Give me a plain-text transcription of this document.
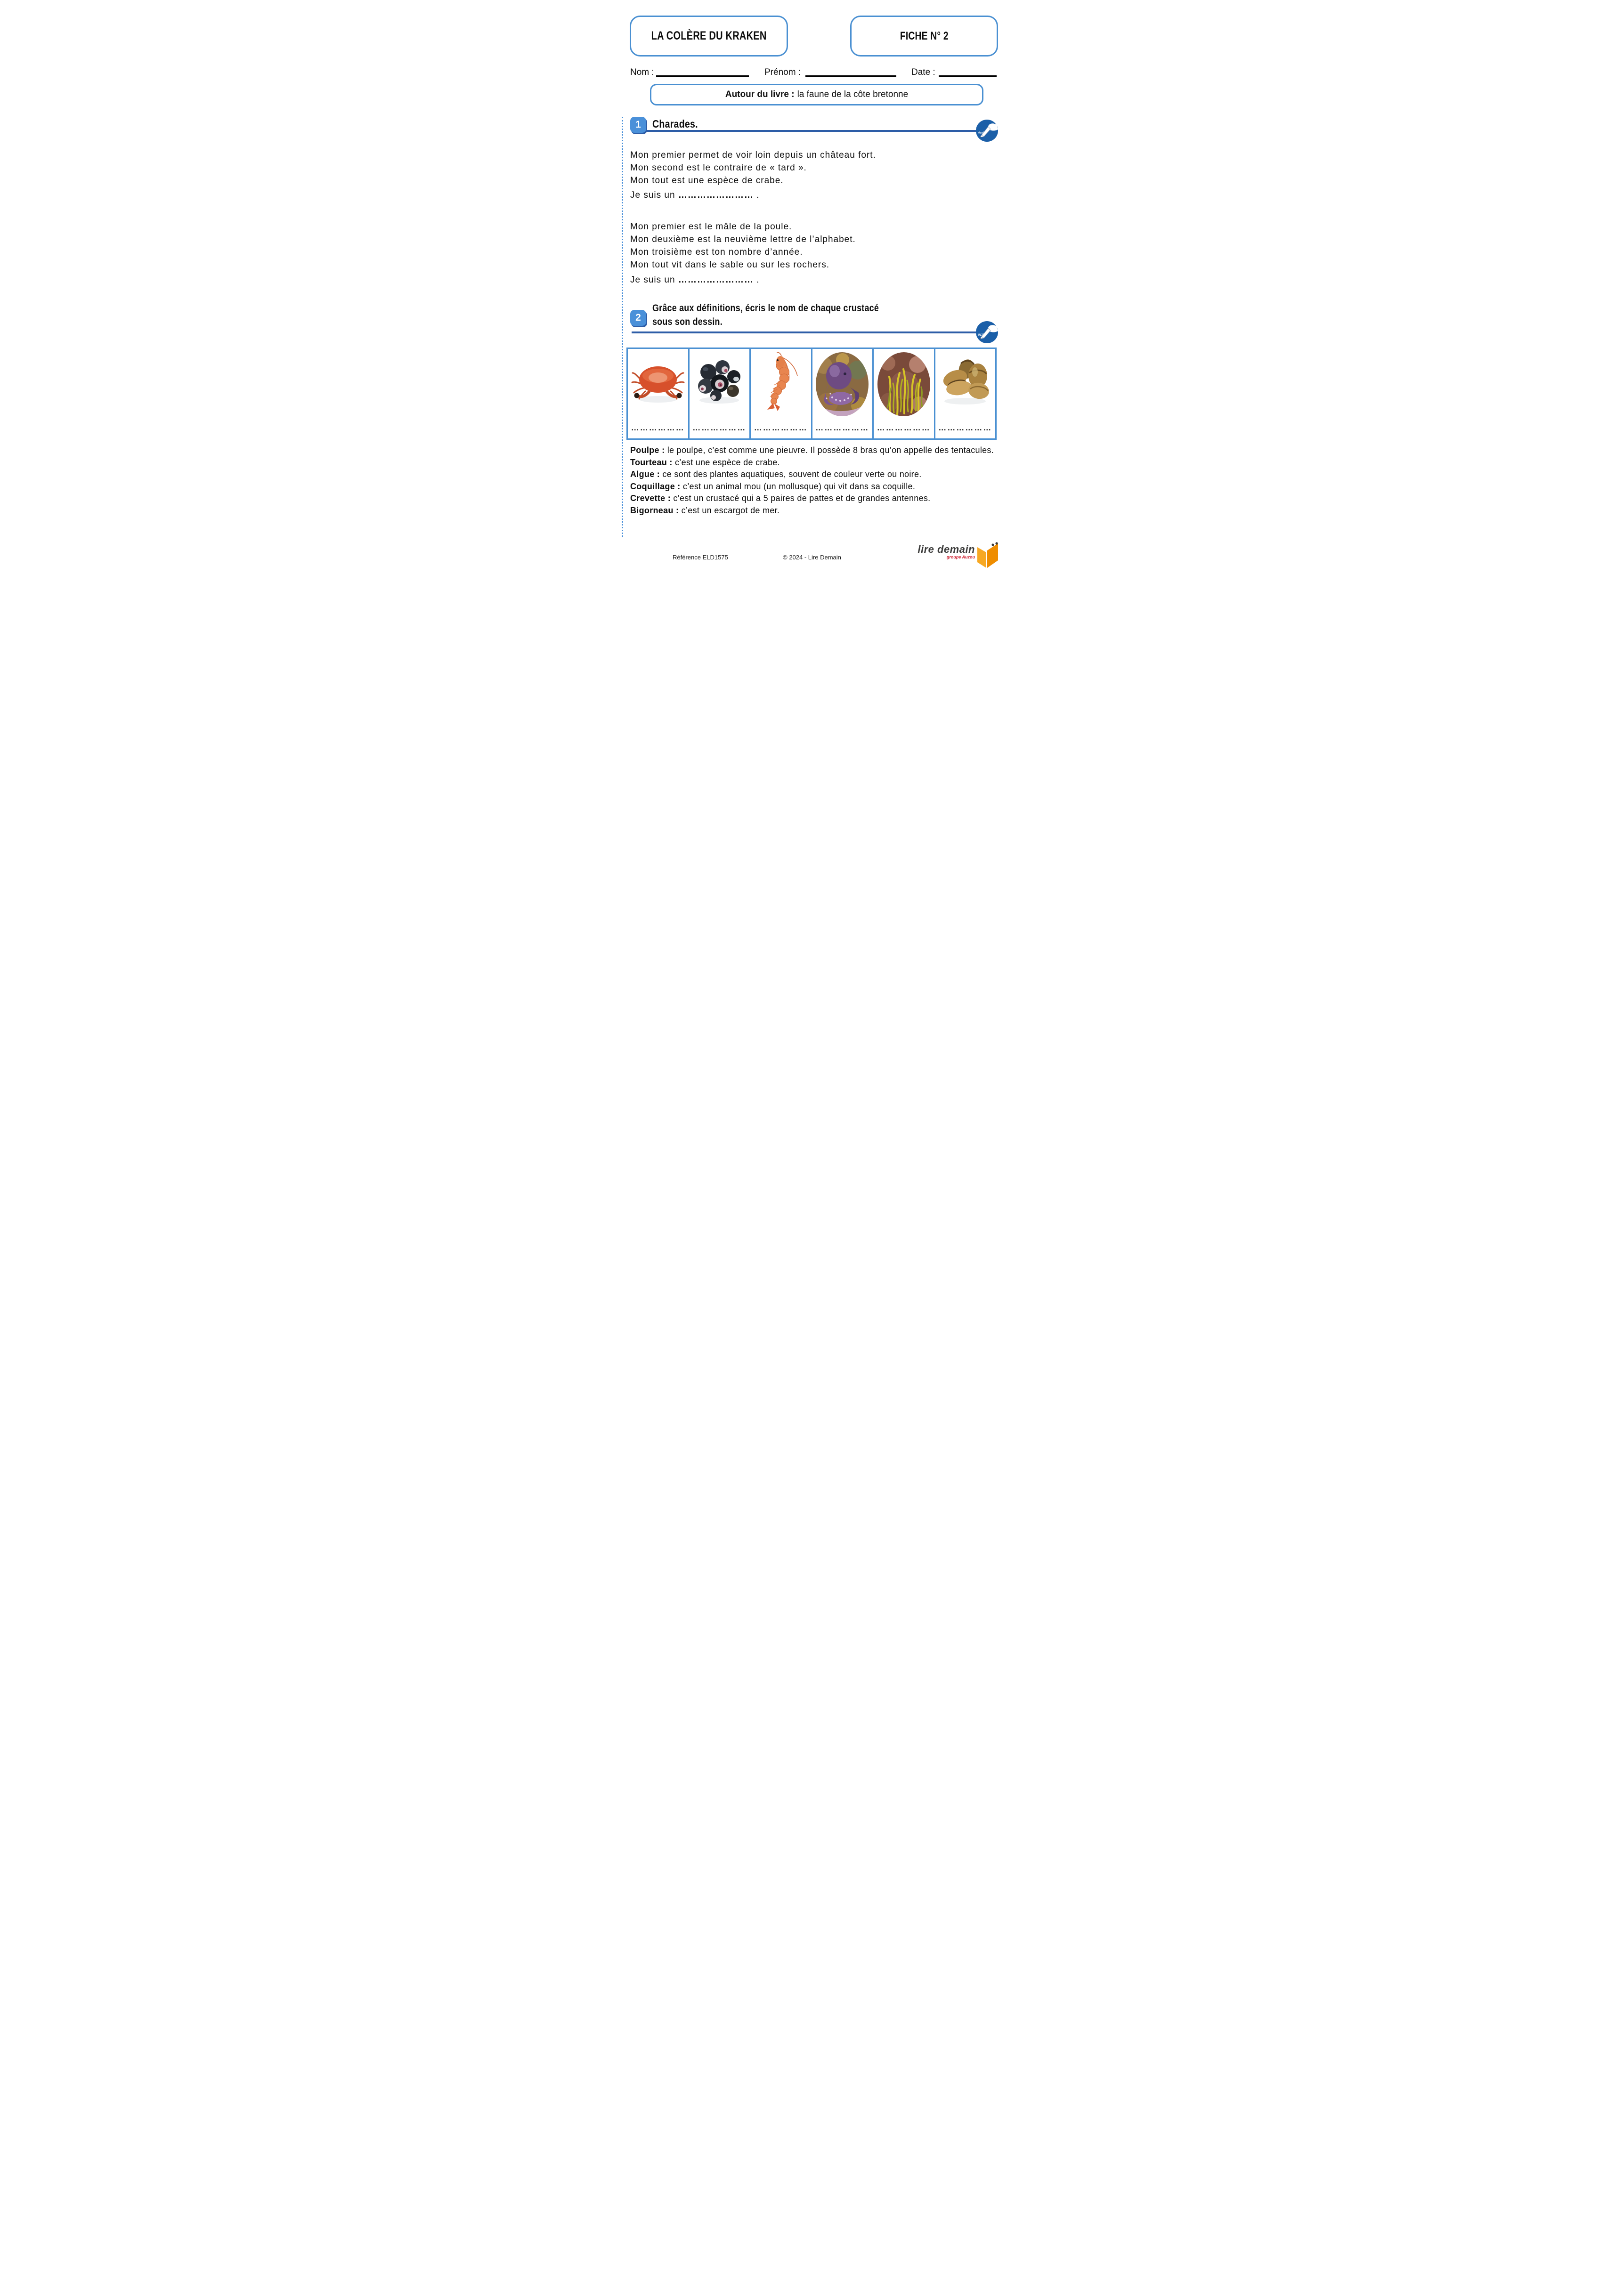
LA COLÈRE DU KRAKEN	FICHE N° 2
Nom :	Prénom :	Date :
Autour du livre : la faune de la côte bretonne
1 Charades.
écri

Mon premier permet de voir loin depuis un château fort.

Mon second est le contraire de « tard ».

Mon tout est une espèce de crabe.

Je suis un …………………… .

Mon premier est le mâle de la poule.

Mon deuxième est la neuvième lettre de l’alphabet.

Mon troisième est ton nombre d’année.

Mon tout vit dans le sable ou sur les rochers.

Je suis un …………………… .
2
Grâce aux définitions, écris le nom de chaque crustacé
sous son dessin.
écri
……………… ……………… ……………… ……………… ……………… ………………

Poulpe : le poulpe, c’est comme une pieuvre. Il possède 8 bras qu’on appelle des tentacules.

Tourteau : c’est une espèce de crabe.

Algue : ce sont des plantes aquatiques, souvent de couleur verte ou noire.

Coquillage : c’est un animal mou (un mollusque) qui vit dans sa coquille.

Crevette : c’est un crustacé qui a 5 paires de pattes et de grandes antennes.

Bigorneau : c’est un escargot de mer.

Référence ELD1575	© 2024 - Lire Demain
lire demain
groupe Auzou
